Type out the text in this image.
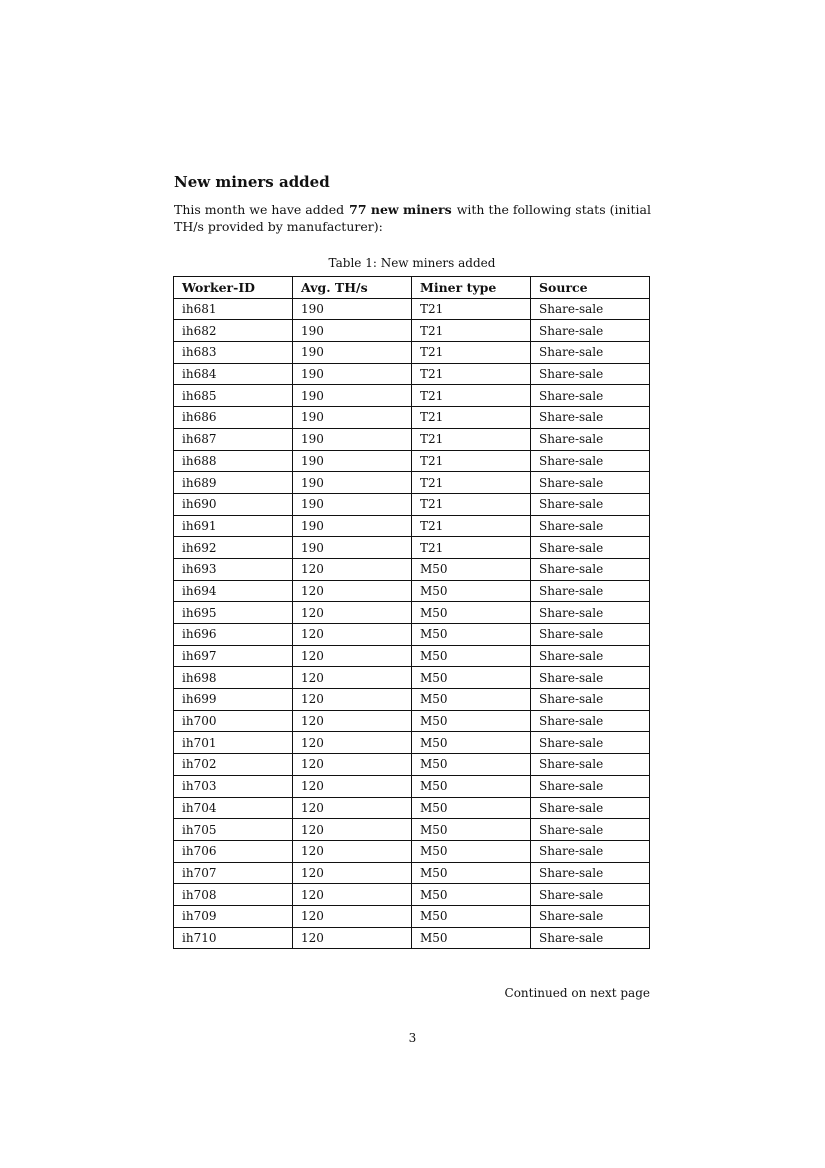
New miners added
This month we have added 77 new miners with the following stats (initial
TH/s provided by manufacturer):
Table 1: New miners added
Worker-ID	Avg. TH/s	Miner type	Source
ih681	190	T21	Share-sale
ih682	190	T21	Share-sale
ih683	190	T21	Share-sale
ih684	190	T21	Share-sale
ih685	190	T21	Share-sale
ih686	190	T21	Share-sale
ih687	190	T21	Share-sale
ih688	190	T21	Share-sale
ih689	190	T21	Share-sale
ih690	190	T21	Share-sale
ih691	190	T21	Share-sale
ih692	190	T21	Share-sale
ih693	120	M50	Share-sale
ih694	120	M50	Share-sale
ih695	120	M50	Share-sale
ih696	120	M50	Share-sale
ih697	120	M50	Share-sale
ih698	120	M50	Share-sale
ih699	120	M50	Share-sale
ih700	120	M50	Share-sale
ih701	120	M50	Share-sale
ih702	120	M50	Share-sale
ih703	120	M50	Share-sale
ih704	120	M50	Share-sale
ih705	120	M50	Share-sale
ih706	120	M50	Share-sale
ih707	120	M50	Share-sale
ih708	120	M50	Share-sale
ih709	120	M50	Share-sale
ih710	120	M50	Share-sale
Continued on next page
3
